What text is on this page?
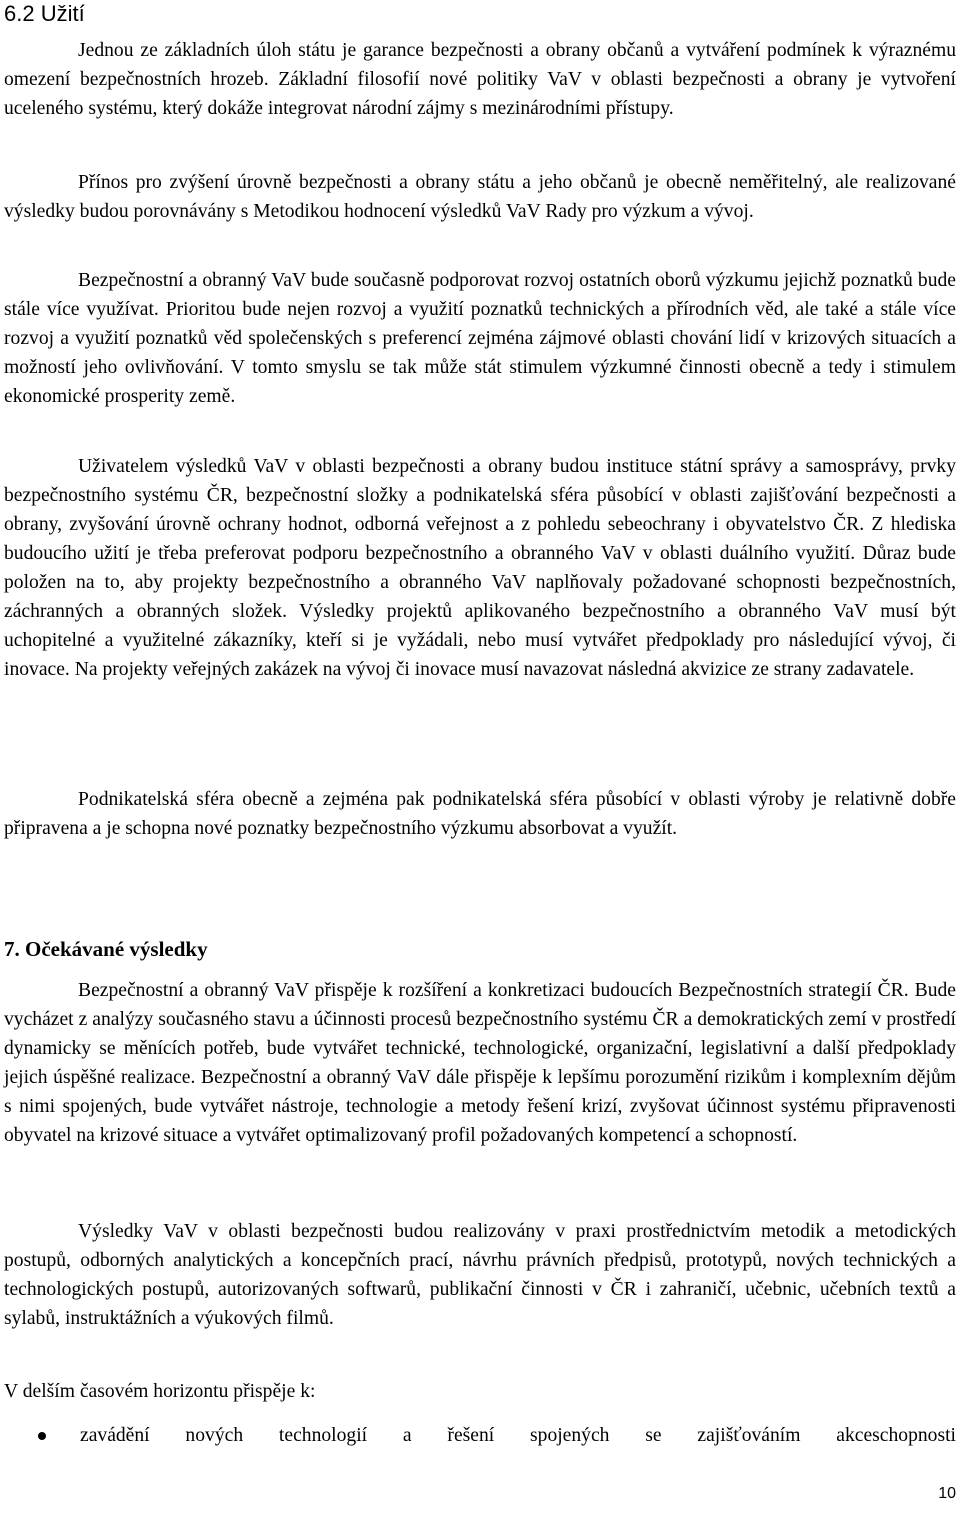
6.2 Užití

Jednou ze základních úloh státu je garance bezpečnosti a obrany občanů a vytváření podmínek k výraznému omezení bezpečnostních hrozeb. Základní filosofií nové politiky VaV v oblasti bezpečnosti a obrany je vytvoření uceleného systému, který dokáže integrovat národní zájmy s mezinárodními přístupy.

Přínos pro zvýšení úrovně bezpečnosti a obrany státu a jeho občanů je obecně neměřitelný, ale realizované výsledky budou porovnávány s Metodikou hodnocení výsledků VaV Rady pro výzkum a vývoj.

Bezpečnostní a obranný VaV bude současně podporovat rozvoj ostatních oborů výzkumu jejichž poznatků bude stále více využívat. Prioritou bude nejen rozvoj a využití poznatků technických a přírodních věd, ale také a stále více rozvoj a využití poznatků věd společenských s preferencí zejména zájmové oblasti chování lidí v krizových situacích a možností jeho ovlivňování. V tomto smyslu se tak může stát stimulem výzkumné činnosti obecně a tedy i stimulem ekonomické prosperity země.

Uživatelem výsledků VaV v oblasti bezpečnosti a obrany budou instituce státní správy a samosprávy, prvky bezpečnostního systému ČR, bezpečnostní složky a podnikatelská sféra působící v oblasti zajišťování bezpečnosti a obrany, zvyšování úrovně ochrany hodnot, odborná veřejnost a z pohledu sebeochrany i obyvatelstvo ČR. Z hlediska budoucího užití je třeba preferovat podporu bezpečnostního a obranného VaV v oblasti duálního využití. Důraz bude položen na to, aby projekty bezpečnostního a obranného VaV naplňovaly požadované schopnosti bezpečnostních, záchranných a obranných složek. Výsledky projektů aplikovaného bezpečnostního a obranného VaV musí být uchopitelné a využitelné zákazníky, kteří si je vyžádali, nebo musí vytvářet předpoklady pro následující vývoj, či inovace. Na projekty veřejných zakázek na vývoj či inovace musí navazovat následná akvizice ze strany zadavatele.

Podnikatelská sféra obecně a zejména pak podnikatelská sféra působící v oblasti výroby je relativně dobře připravena a je schopna nové poznatky bezpečnostního výzkumu absorbovat a využít.

7. Očekávané výsledky

Bezpečnostní a obranný VaV přispěje k rozšíření a konkretizaci budoucích Bezpečnostních strategií ČR. Bude vycházet z analýzy současného stavu a účinnosti procesů bezpečnostního systému ČR a demokratických zemí v prostředí dynamicky se měnících potřeb, bude vytvářet technické, technologické, organizační, legislativní a další předpoklady jejich úspěšné realizace. Bezpečnostní a obranný VaV dále přispěje k lepšímu porozumění rizikům i komplexním dějům s nimi spojených, bude vytvářet nástroje, technologie a metody řešení krizí, zvyšovat účinnost systému připravenosti obyvatel na krizové situace a vytvářet optimalizovaný profil požadovaných kompetencí a schopností.

Výsledky VaV v oblasti bezpečnosti budou realizovány v praxi prostřednictvím metodik a metodických postupů, odborných analytických a koncepčních prací, návrhu právních předpisů, prototypů, nových technických a technologických postupů, autorizovaných softwarů, publikační činnosti v ČR i zahraničí, učebnic, učebních textů a sylabů, instruktážních a výukových filmů.

V delším časovém horizontu přispěje k:

zavádění nových technologií a řešení spojených se zajišťováním akceschopnosti
10
